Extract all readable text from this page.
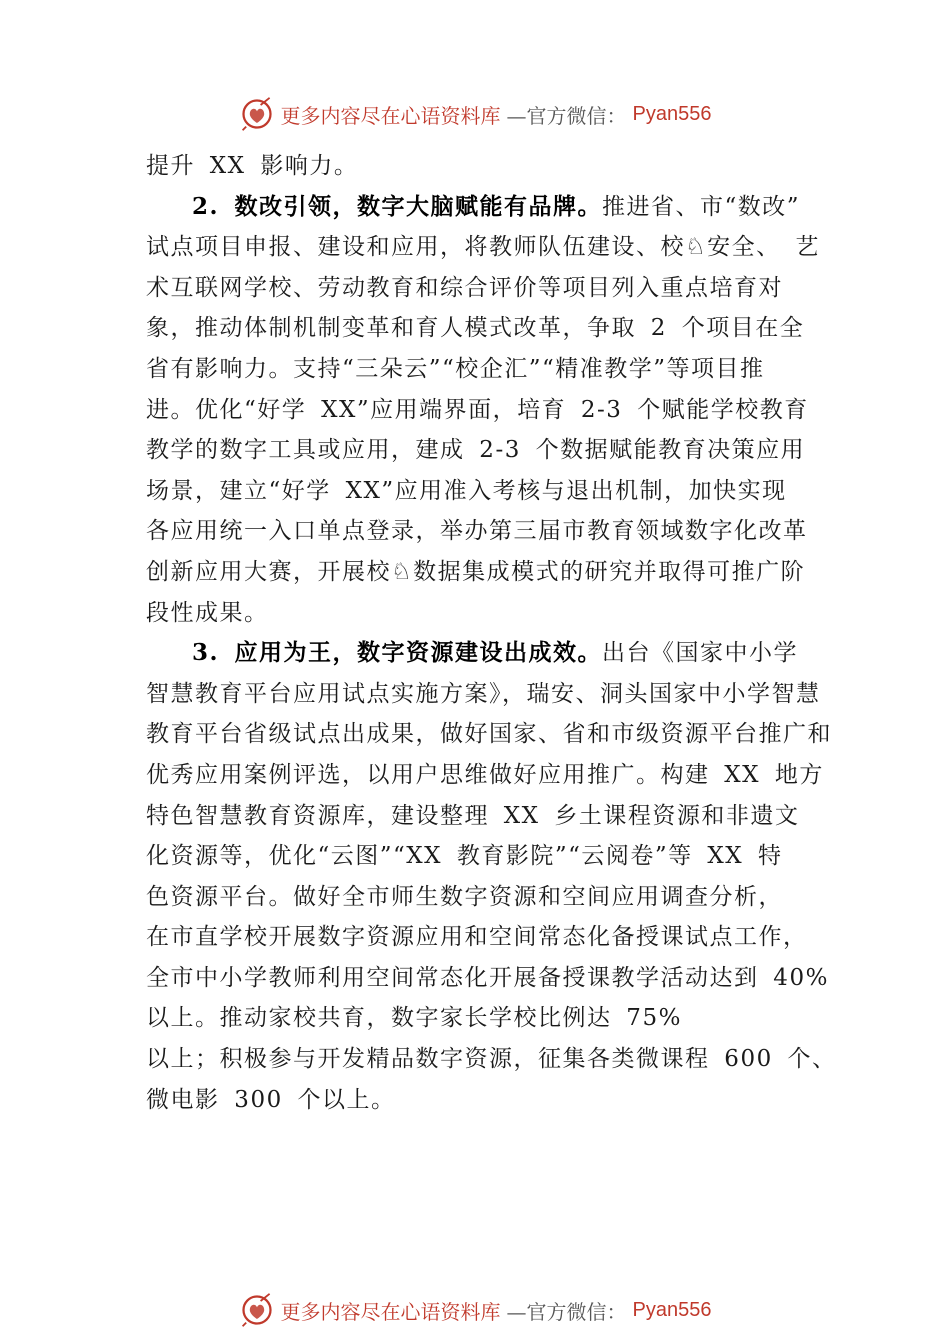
更多内容尽在心语资料库 —官方微信： Pyan556
提升 XX 影响力。
2. 数改引领，数字大脑赋能有品牌。推进省、市“数改”
试点项目申报、建设和应用，将教师队伍建设、校♘安全、 艺
术互联网学校、劳动教育和综合评价等项目列入重点培育对
象，推动体制机制变革和育人模式改革，争取 2 个项目在全
省有影响力。支持“三朵云”“校企汇”“精准教学”等项目推
进。优化“好学 XX”应用端界面，培育 2-3 个赋能学校教育
教学的数字工具或应用，建成 2-3 个数据赋能教育决策应用
场景，建立“好学 XX”应用准入考核与退出机制，加快实现
各应用统一入口单点登录，举办第三届市教育领域数字化改革
创新应用大赛，开展校♘数据集成模式的研究并取得可推广阶
段性成果。
3. 应用为王，数字资源建设出成效。出台《国家中小学
智慧教育平台应用试点实施方案》，瑞安、洞头国家中小学智慧
教育平台省级试点出成果，做好国家、省和市级资源平台推广和
优秀应用案例评选，以用户思维做好应用推广。构建 XX 地方
特色智慧教育资源库，建设整理 XX 乡土课程资源和非遗文
化资源等，优化“云图”“XX 教育影院”“云阅卷”等 XX 特
色资源平台。做好全市师生数字资源和空间应用调查分析，
在市直学校开展数字资源应用和空间常态化备授课试点工作，
全市中小学教师利用空间常态化开展备授课教学活动达到 40%
以上。推动家校共育，数字家长学校比例达 75%
以上；积极参与开发精品数字资源，征集各类微课程 600 个、
微电影 300 个以上。
更多内容尽在心语资料库 —官方微信： Pyan556
